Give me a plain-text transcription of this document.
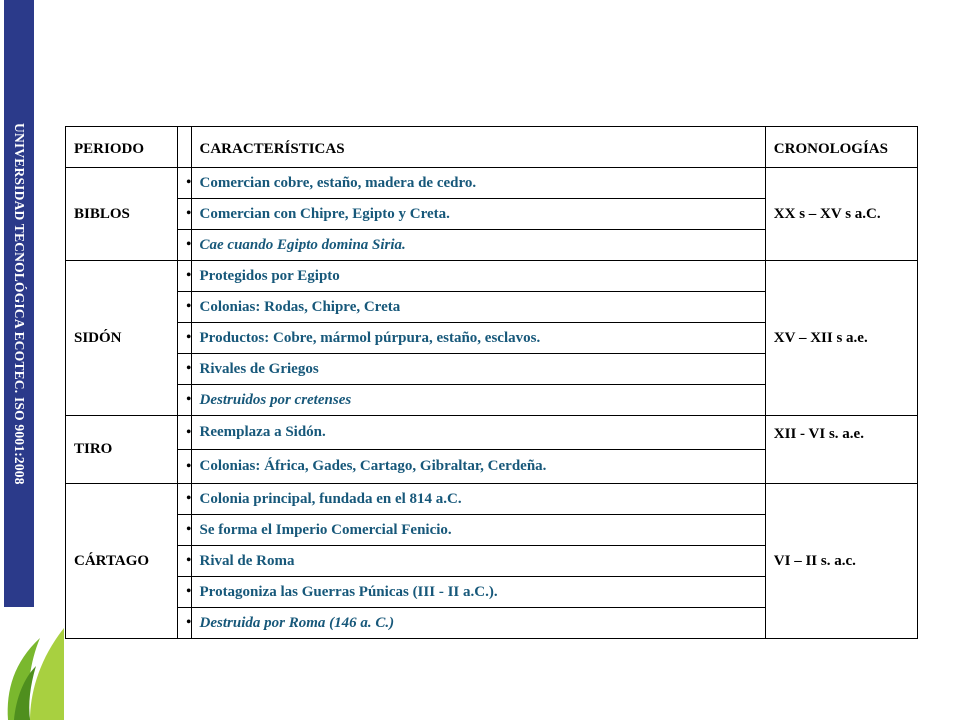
UNIVERSIDAD TECNOLÓGICA ECOTEC. ISO 9001:2008	PERIODO		CARACTERÍSTICAS	CRONOLOGÍAS
BIBLOS	•	Comercian cobre, estaño, madera de cedro.	XX s – XV s a.C.
	•	Comercian con Chipre, Egipto y Creta.	
	•	Cae cuando Egipto domina Siria.	
SIDÓN	•	Protegidos por Egipto	XV – XII s a.e.
	•	Colonias: Rodas, Chipre, Creta	
	•	Productos: Cobre, mármol púrpura, estaño, esclavos.	
	•	Rivales de Griegos	
	•	Destruidos por cretenses	
TIRO	•	Reemplaza a Sidón.	XII - VI s. a.e.
	•	Colonias: África, Gades, Cartago, Gibraltar, Cerdeña.	
CÁRTAGO	•	Colonia principal, fundada en el 814 a.C.	VI – II s. a.c.
	•	Se forma el Imperio Comercial Fenicio.	
	•	Rival de Roma	
	•	Protagoniza las Guerras Púnicas (III - II a.C.).	
	•	Destruida por Roma (146 a. C.)	
